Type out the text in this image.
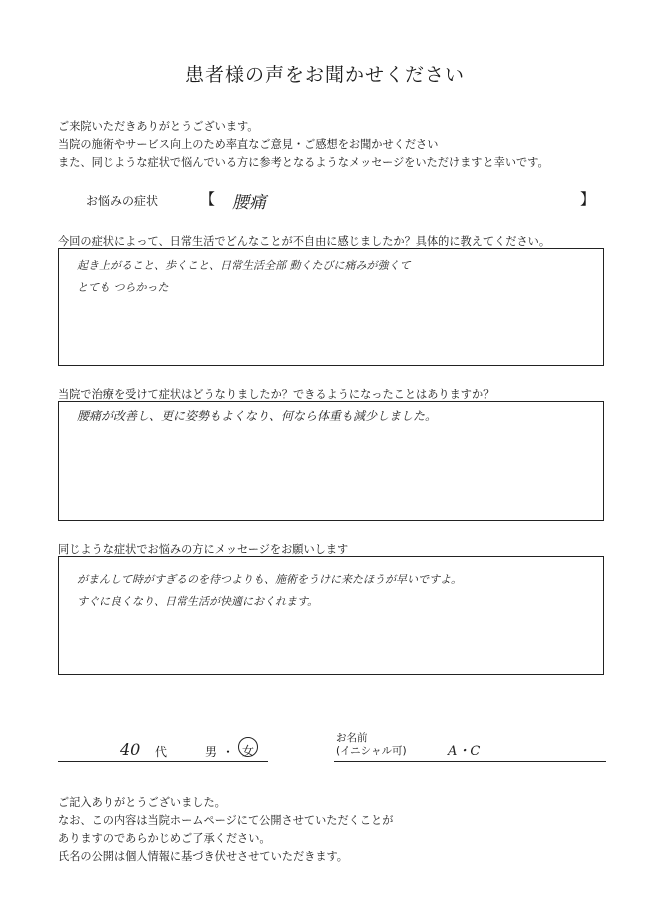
患者様の声をお聞かせください
ご来院いただきありがとうございます。
当院の施術やサービス向上のため率直なご意見・ご感想をお聞かせください
また、同じような症状で悩んでいる方に参考となるようなメッセージをいただけますと幸いです。
お悩みの症状	【 腰痛	】
今回の症状によって、日常生活でどんなことが不自由に感じましたか？具体的に教えてください。
起き上がること、歩くこと、日常生活全部 動くたびに痛みが強くて
とても つらかった
当院で治療を受けて症状はどうなりましたか？できるようになったことはありますか？
腰痛が改善し、更に姿勢もよくなり、何なら体重も減少しました。
同じような症状でお悩みの方にメッセージをお願いします
がまんして時がすぎるのを待つよりも、施術をうけに来たほうが早いですよ。
すぐに良くなり、日常生活が快適におくれます。
40 代	男 ・ 女
お名前
(イニシャル可)	A・C
ご記入ありがとうございました。
なお、この内容は当院ホームページにて公開させていただくことが
ありますのであらかじめご了承ください。
氏名の公開は個人情報に基づき伏せさせていただきます。
